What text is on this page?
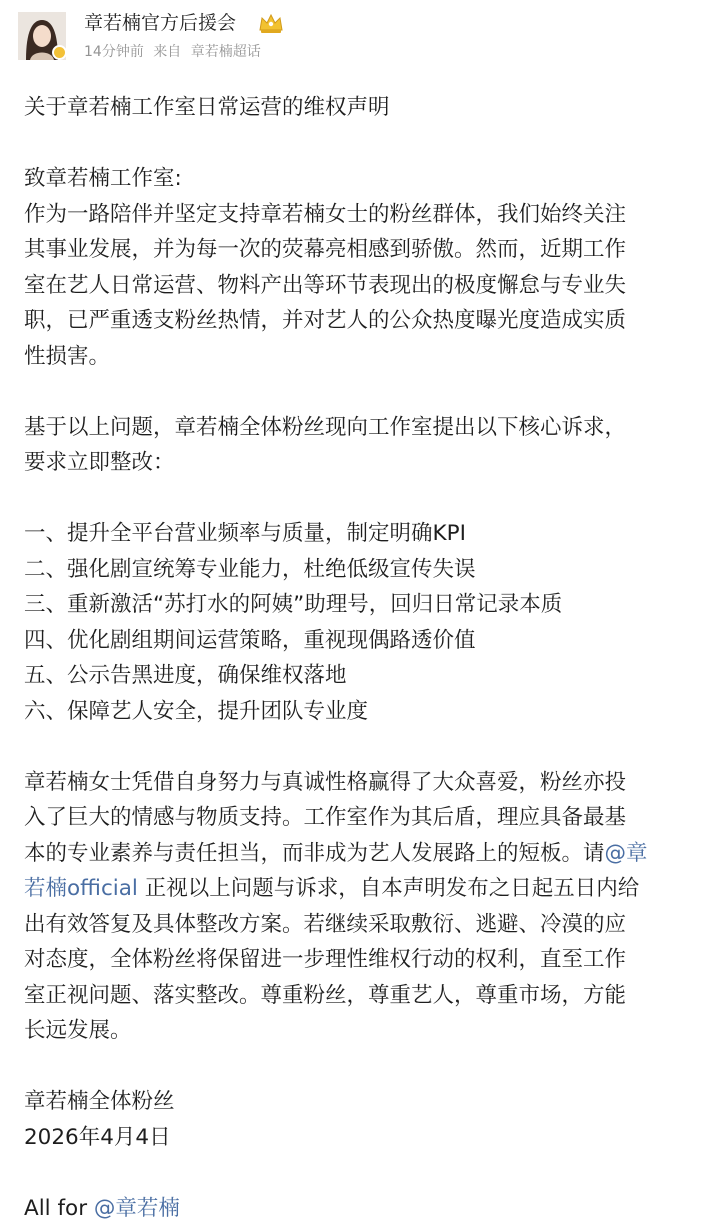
章若楠官方后援会
14分钟前 来自 章若楠超话

关于章若楠工作室日常运营的维权声明

致章若楠工作室:

作为一路陪伴并坚定支持章若楠女士的粉丝群体，我们始终关注

其事业发展，并为每一次的荧幕亮相感到骄傲。然而，近期工作

室在艺人日常运营、物料产出等环节表现出的极度懈怠与专业失

职，已严重透支粉丝热情，并对艺人的公众热度曝光度造成实质

性损害。

基于以上问题，章若楠全体粉丝现向工作室提出以下核心诉求，

要求立即整改：

一、提升全平台营业频率与质量，制定明确KPI

二、强化剧宣统筹专业能力，杜绝低级宣传失误

三、重新激活“苏打水的阿姨”助理号，回归日常记录本质

四、优化剧组期间运营策略，重视现偶路透价值

五、公示告黑进度，确保维权落地

六、保障艺人安全，提升团队专业度

章若楠女士凭借自身努力与真诚性格赢得了大众喜爱，粉丝亦投

入了巨大的情感与物质支持。工作室作为其后盾，理应具备最基

本的专业素养与责任担当，而非成为艺人发展路上的短板。请@章

若楠official 正视以上问题与诉求，自本声明发布之日起五日内给

出有效答复及具体整改方案。若继续采取敷衍、逃避、冷漠的应

对态度，全体粉丝将保留进一步理性维权行动的权利，直至工作

室正视问题、落实整改。尊重粉丝，尊重艺人，尊重市场，方能

长远发展。

章若楠全体粉丝

2026年4月4日

All for @章若楠
